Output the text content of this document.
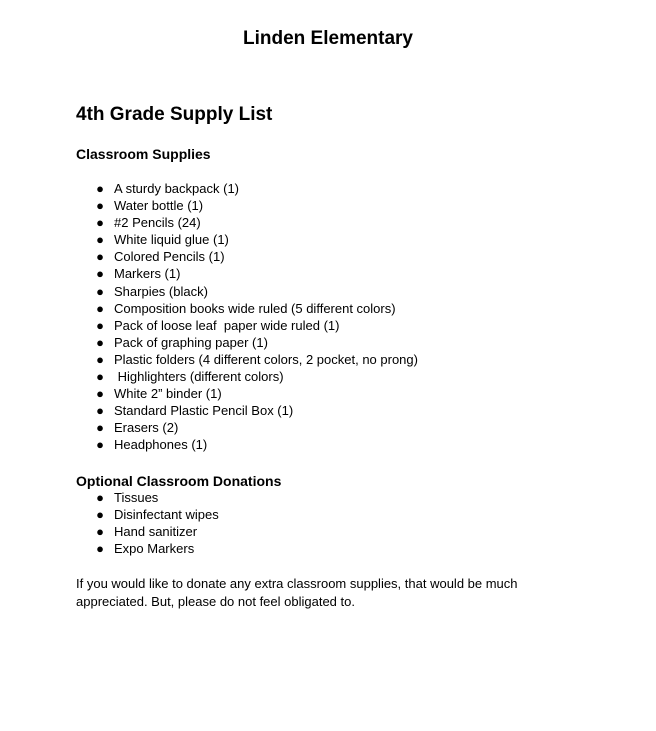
Linden Elementary
4th Grade Supply List
Classroom Supplies
● A sturdy backpack (1)
● Water bottle (1)
● #2 Pencils (24)
● White liquid glue (1)
● Colored Pencils (1)
● Markers (1)
● Sharpies (black)
● Composition books wide ruled (5 different colors)
● Pack of loose leaf  paper wide ruled (1)
● Pack of graphing paper (1)
● Plastic folders (4 different colors, 2 pocket, no prong)
● Highlighters (different colors)
● White 2” binder (1)
● Standard Plastic Pencil Box (1)
● Erasers (2)
● Headphones (1)
Optional Classroom Donations
● Tissues
● Disinfectant wipes
● Hand sanitizer
● Expo Markers

If you would like to donate any extra classroom supplies, that would be much appreciated. But, please do not feel obligated to.
